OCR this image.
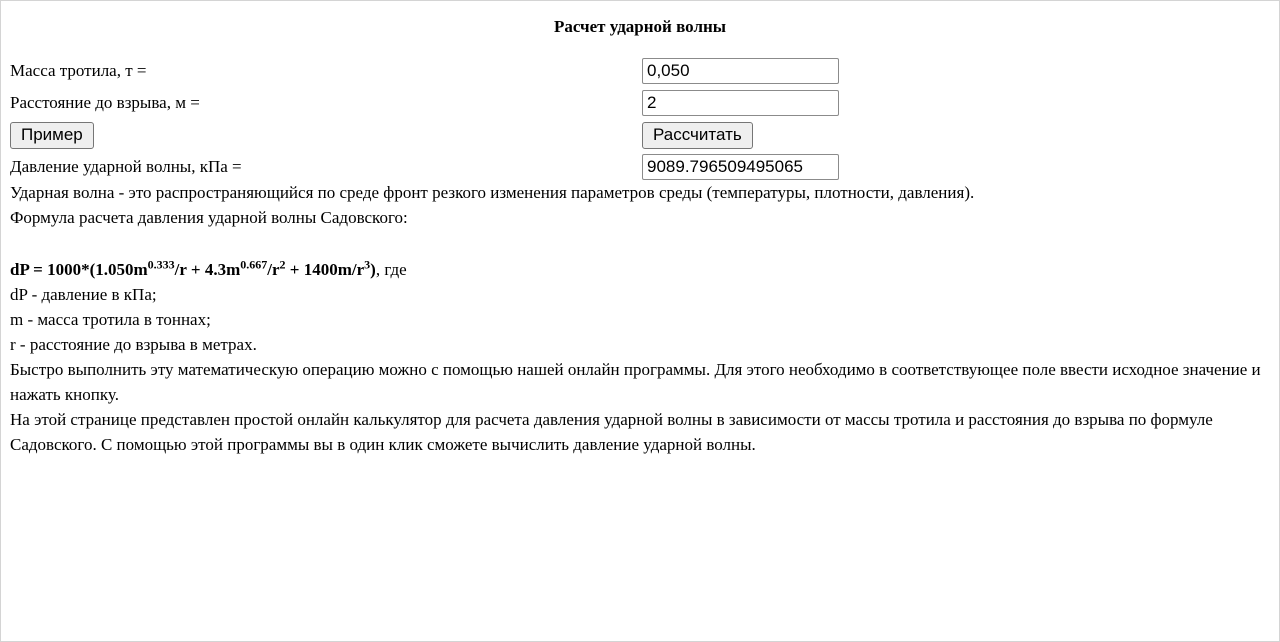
Расчет ударной волны
Масса тротила, т =
0,050
Расстояние до взрыва, м =
2
Пример	Рассчитать
Давление ударной волны, кПа =
9089.796509495065

Ударная волна - это распространяющийся по среде фронт резкого изменения параметров среды (температуры, плотности, давления).

Формула расчета давления ударной волны Садовского:

dP = $1000*(1.050m^{0.333}/r + 4.3m^{0.667}/r^2 + 1400m/r^3)$, где
dP - давление в кПа;
m - масса тротила в тоннах;
r - расстояние до взрыва в метрах.

Быстро выполнить эту математическую операцию можно с помощью нашей онлайн программы. Для этого необходимо в соответствующее поле ввести исходное значение и нажать кнопку.

На этой странице представлен простой онлайн калькулятор для расчета давления ударной волны в зависимости от массы тротила и расстояния до взрыва по формуле Садовского. С помощью этой программы вы в один клик сможете вычислить давление ударной волны.
